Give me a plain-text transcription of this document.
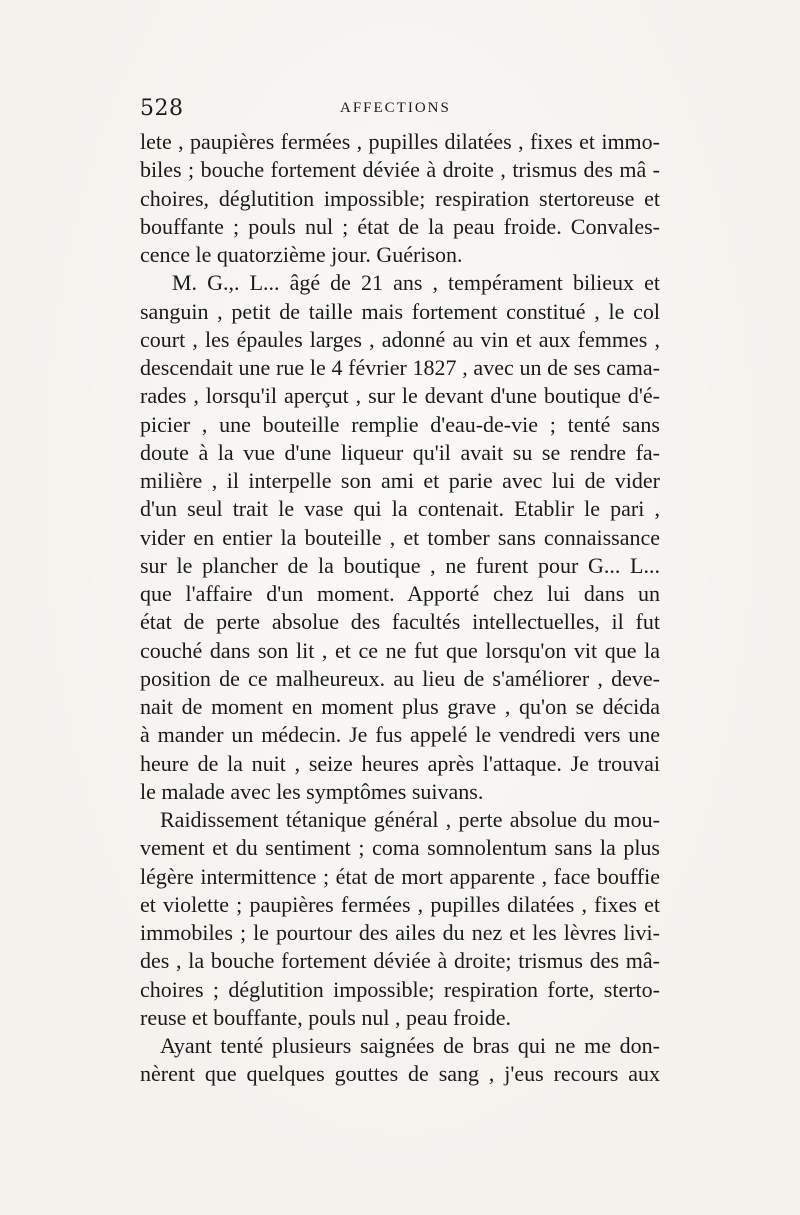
528	AFFECTIONS
lete , paupières fermées , pupilles dilatées , fixes et immo-
biles ; bouche fortement déviée à droite , trismus des mâ -
choires, déglutition impossible; respiration stertoreuse et
bouffante ; pouls nul ; état de la peau froide. Convales-
cence le quatorzième jour. Guérison.
M. G.,. L... âgé de 21 ans , tempérament bilieux et
sanguin , petit de taille mais fortement constitué , le col
court , les épaules larges , adonné au vin et aux femmes ,
descendait une rue le 4 février 1827 , avec un de ses cama-
rades , lorsqu'il aperçut , sur le devant d'une boutique d'é-
picier , une bouteille remplie d'eau-de-vie ; tenté sans
doute à la vue d'une liqueur qu'il avait su se rendre fa-
milière , il interpelle son ami et parie avec lui de vider
d'un seul trait le vase qui la contenait. Etablir le pari ,
vider en entier la bouteille , et tomber sans connaissance
sur le plancher de la boutique , ne furent pour G... L...
que l'affaire d'un moment. Apporté chez lui dans un
état de perte absolue des facultés intellectuelles, il fut
couché dans son lit , et ce ne fut que lorsqu'on vit que la
position de ce malheureux. au lieu de s'améliorer , deve-
nait de moment en moment plus grave , qu'on se décida
à mander un médecin. Je fus appelé le vendredi vers une
heure de la nuit , seize heures après l'attaque. Je trouvai
le malade avec les symptômes suivans.
Raidissement tétanique général , perte absolue du mou-
vement et du sentiment ; coma somnolentum sans la plus
légère intermittence ; état de mort apparente , face bouffie
et violette ; paupières fermées , pupilles dilatées , fixes et
immobiles ; le pourtour des ailes du nez et les lèvres livi-
des , la bouche fortement déviée à droite; trismus des mâ-
choires ; déglutition impossible; respiration forte, sterto-
reuse et bouffante, pouls nul , peau froide.
Ayant tenté plusieurs saignées de bras qui ne me don-
nèrent que quelques gouttes de sang , j'eus recours aux
